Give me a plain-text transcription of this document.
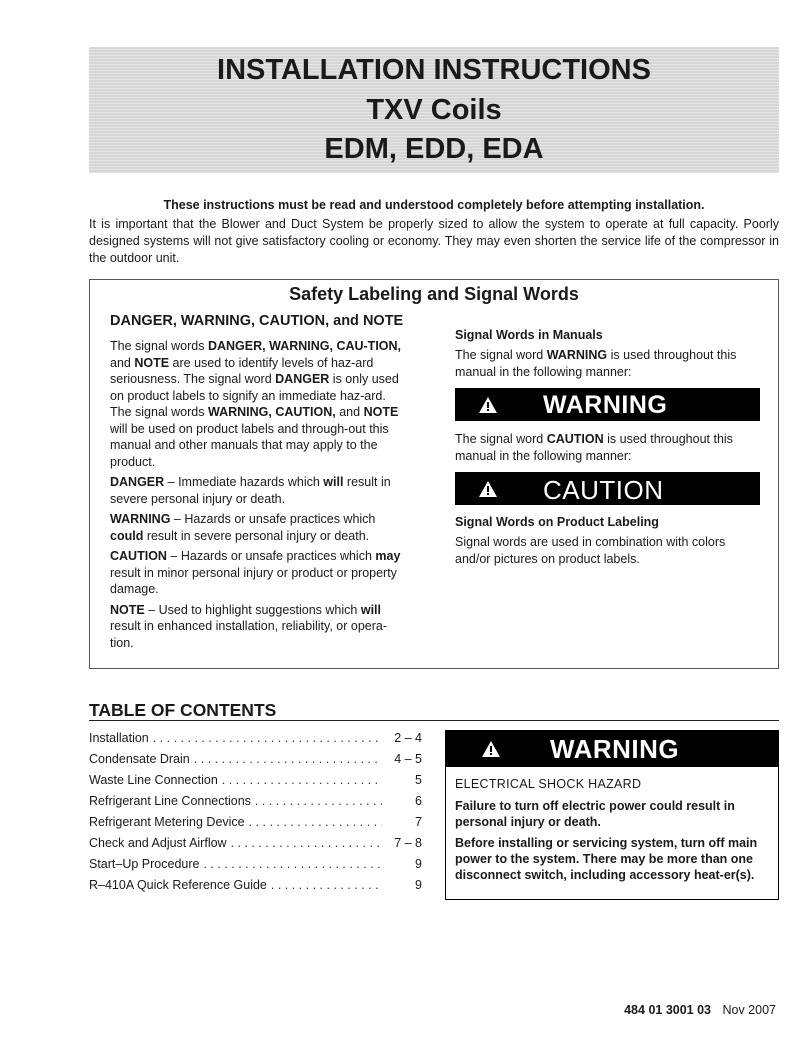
INSTALLATION INSTRUCTIONS
TXV Coils
EDM, EDD, EDA
These instructions must be read and understood completely before attempting installation.
It is important that the Blower and Duct System be properly sized to allow the system to operate at full capacity. Poorly designed systems will not give satisfactory cooling or economy. They may even shorten the service life of the compressor in the outdoor unit.
Safety Labeling and Signal Words
DANGER, WARNING, CAUTION, and NOTE

The signal words DANGER, WARNING, CAU-TION, and NOTE are used to identify levels of haz-ard seriousness. The signal word DANGER is only used on product labels to signify an immediate haz-ard. The signal words WARNING, CAUTION, and NOTE will be used on product labels and through-out this manual and other manuals that may apply to the product.

DANGER – Immediate hazards which will result in severe personal injury or death.

WARNING – Hazards or unsafe practices which could result in severe personal injury or death.

CAUTION – Hazards or unsafe practices which may result in minor personal injury or product or property damage.

NOTE – Used to highlight suggestions which will result in enhanced installation, reliability, or opera-tion.

Signal Words in Manuals

The signal word WARNING is used throughout this manual in the following manner:

WARNING

The signal word CAUTION is used throughout this manual in the following manner:

CAUTION
Signal Words on Product Labeling

Signal words are used in combination with colors and/or pictures on product labels.

TABLE OF CONTENTS
Installation . . .	2 – 4
Condensate Drain . . .	4 – 5
Waste Line Connection . . .	5
Refrigerant Line Connections . . .	6
Refrigerant Metering Device . . .	7
Check and Adjust Airflow . . .	7 – 8
Start–Up Procedure . . .	9
R–410A Quick Reference Guide . . .	9
WARNING
ELECTRICAL SHOCK HAZARD
Failure to turn off electric power could result in personal injury or death.
Before installing or servicing system, turn off main power to the system. There may be more than one disconnect switch, including accessory heat-er(s).
484 01 3001 03 Nov 2007
